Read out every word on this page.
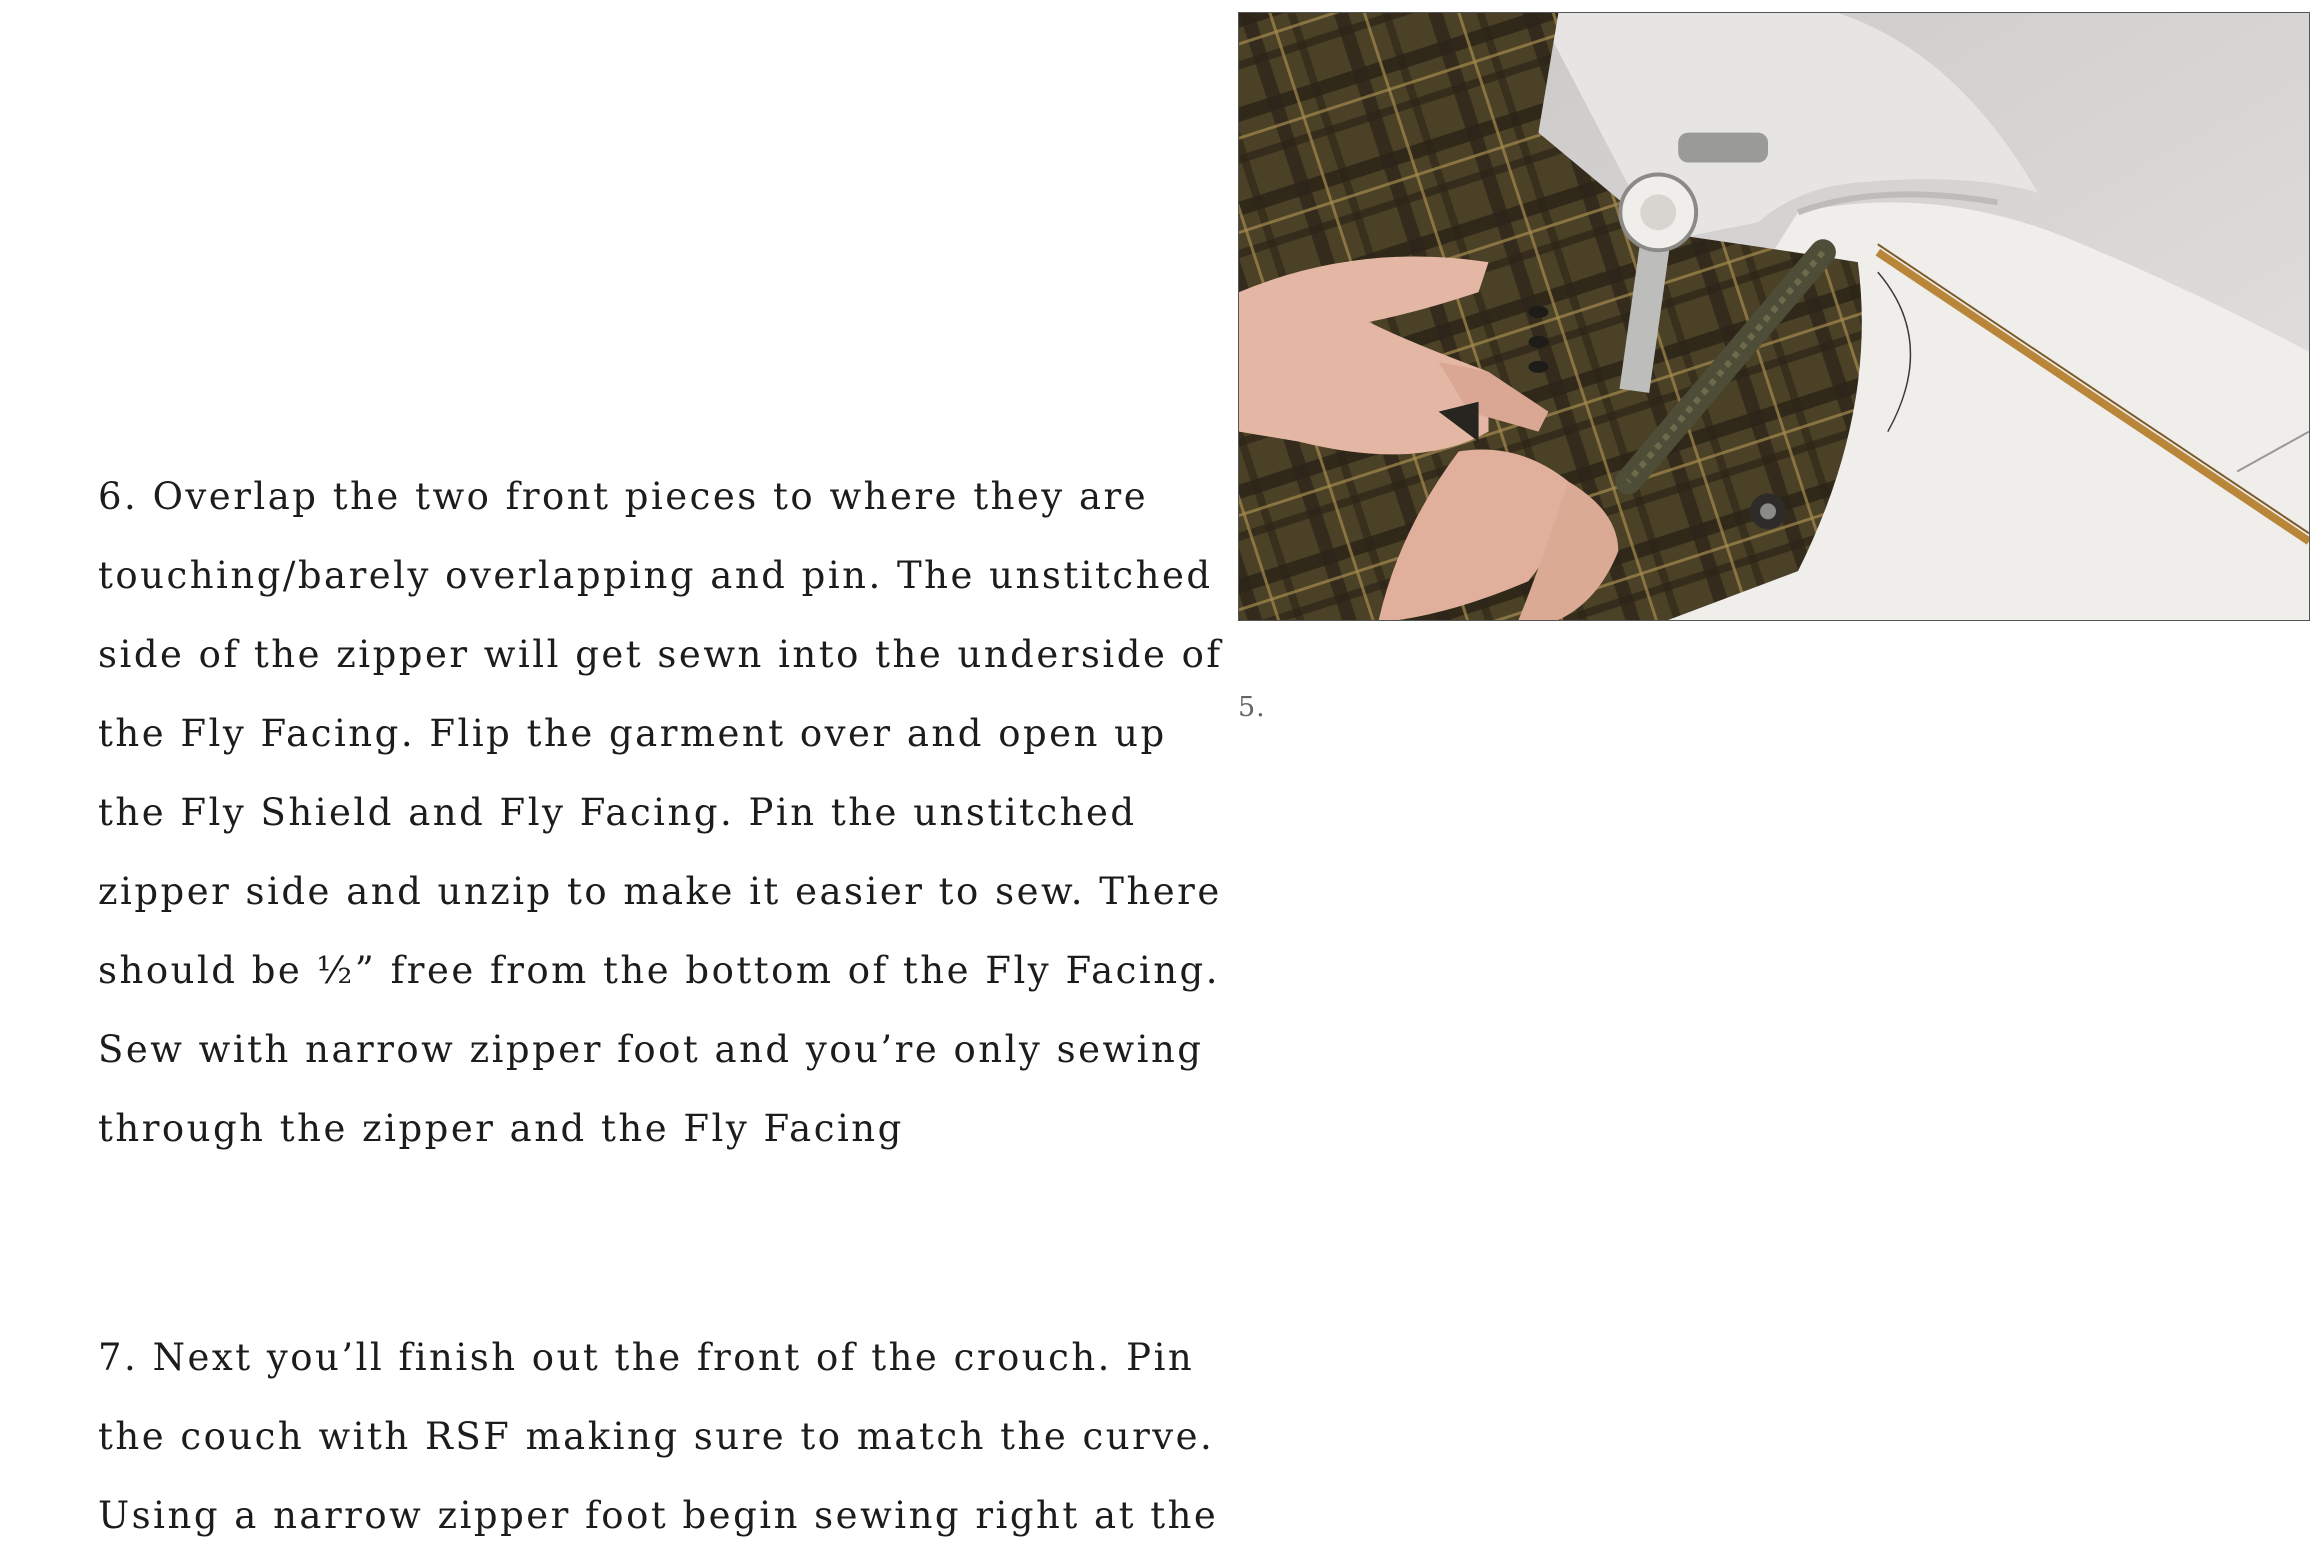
6. Overlap the two front pieces to where they are
touching/barely overlapping and pin. The unstitched
side of the zipper will get sewn into the underside of
the Fly Facing. Flip the garment over and open up
the Fly Shield and Fly Facing. Pin the unstitched
zipper side and unzip to make it easier to sew. There
should be ½” free from the bottom of the Fly Facing.
Sew with narrow zipper foot and you’re only sewing
through the zipper and the Fly Facing

7. Next you’ll finish out the front of the crouch. Pin
the couch with RSF making sure to match the curve.
Using a narrow zipper foot begin sewing right at the

5.
